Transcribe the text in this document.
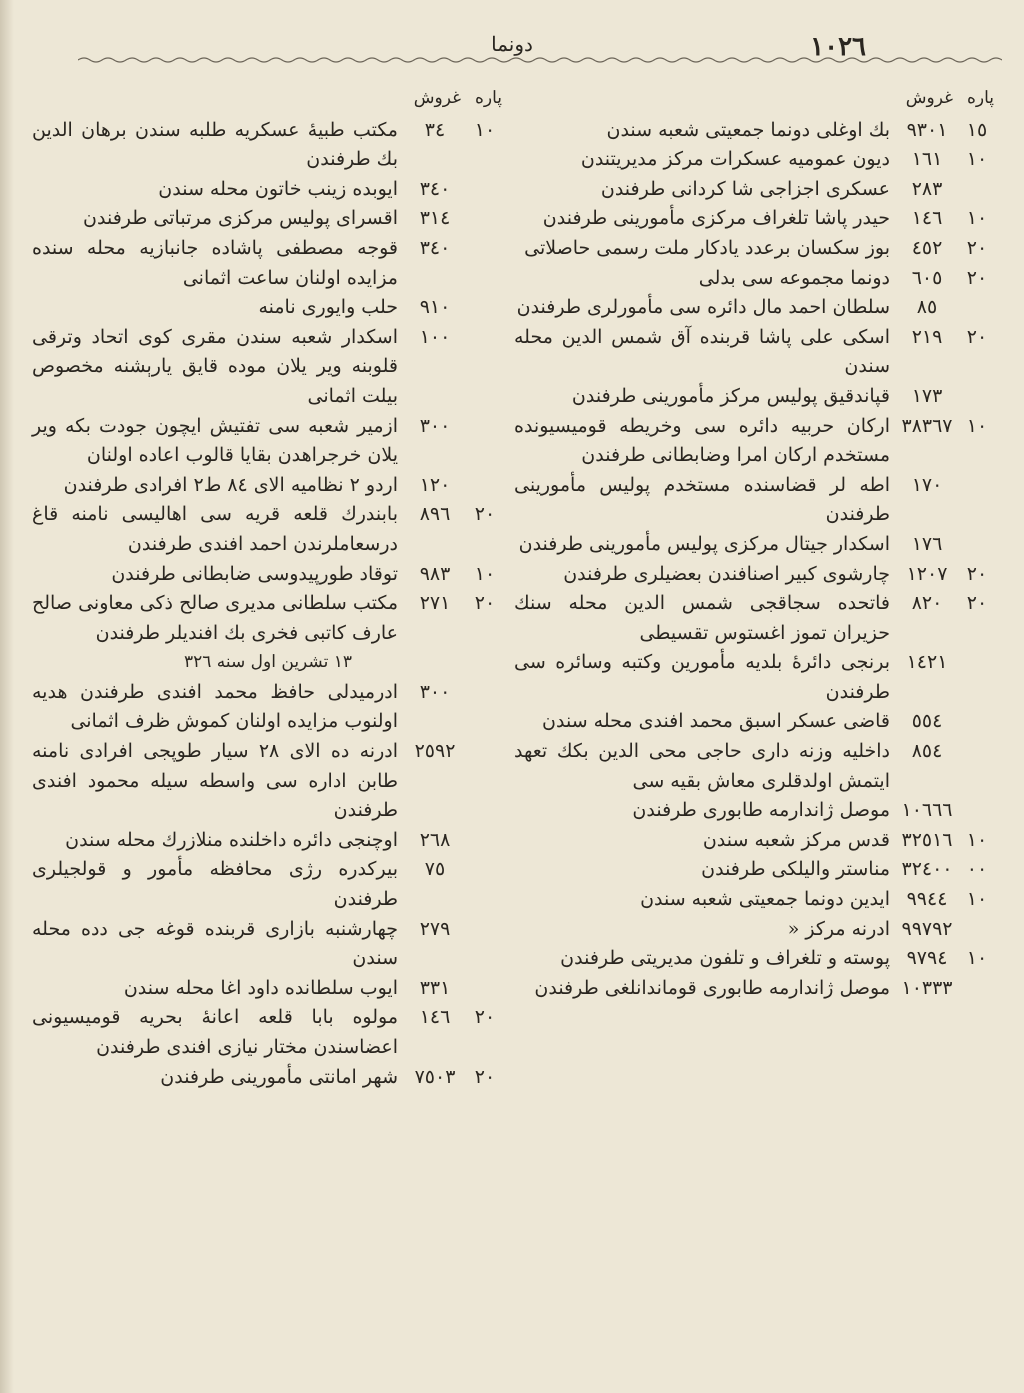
١٠٢٦
دونما
پاره
غروش
١٥
٩٣٠١
بك اوغلى دونما جمعيتى شعبه سندن
١٠
١٦١
ديون عموميه عسكرات مركز مديريتندن
٢٨٣
عسكرى اجزاجى شا كردانى طرفندن
١٠
١٤٦
حيدر پاشا تلغراف مركزى مأمورينى طرفندن
٢٠
٤٥٢
بوز سكسان برعدد يادكار ملت رسمى حاصلاتى
٢٠
٦٠٥
دونما مجموعه سى بدلى
٨٥
سلطان احمد مال دائره سى مأمورلرى طرفندن
٢٠
٢١٩
اسكى على پاشا قربنده آق شمس الدين محله سندن
١٧٣
قپاندقيق پوليس مركز مأمورينى طرفندن
١٠
٣٨٣٦٧
اركان حربيه دائره سى وخريطه قوميسيونده مستخدم اركان امرا وضابطانى طرفندن
١٧٠
اطه لر قضاسنده مستخدم پوليس مأمورينى طرفندن
١٧٦
اسكدار جيتال مركزى پوليس مأمورينى طرفندن
٢٠
١٢٠٧
چارشوى كبير اصنافندن بعضيلرى طرفندن
٢٠
٨٢٠
فاتحده سجاقجى شمس الدين محله سنك حزيران تموز اغستوس تقسيطى
١٤٢١
برنجى دائرهٔ بلديه مأمورين وكتبه وسائره سى طرفندن
٥٥٤
قاضى عسكر اسبق محمد افندى محله سندن
٨٥٤
داخليه وزنه دارى حاجى محى الدين بكك تعهد ايتمش اولدقلرى معاش بقيه سى
١٠٦٦٦
موصل ژاندارمه طابورى طرفندن
١٠
٣٢٥١٦
قدس مركز شعبه سندن
٠٠
٣٢٤٠٠
مناستر واليلكى طرفندن
١٠
٩٩٤٤
ايدين دونما جمعيتى شعبه سندن
٩٩٧٩٢
ادرنه مركز «
١٠
٩٧٩٤
پوسته و تلغراف و تلفون مديريتى طرفندن
١٠٣٣٣
موصل ژاندارمه طابورى قوماندانلغى طرفندن
پاره
غروش
١٠
٣٤
مكتب طبيهٔ عسكريه طلبه سندن برهان الدين بك طرفندن
٣٤٠
ايوبده زينب خاتون محله سندن
٣١٤
اقسراى پوليس مركزى مرتباتى طرفندن
٣٤٠
قوجه مصطفى پاشاده جانبازيه محله سنده مزايده اولنان ساعت اثمانى
٩١٠
حلب وايورى نامنه
١٠٠
اسكدار شعبه سندن مقرى كوى اتحاد وترقى قلوبنه وير يلان موده قايق يارېشنه مخصوص بيلت اثمانى
٣٠٠
ازمير شعبه سى تفتيش ايچون جودت بكه وير يلان خرجراهدن بقايا قالوب اعاده اولنان
١٢٠
اردو ٢ نظاميه الاى ٨٤ ط٢ افرادى طرفندن
٢٠
٨٩٦
بابندرك قلعه قريه سى اهاليسى نامنه قاغ درسعاملرندن احمد افندى طرفندن
١٠
٩٨٣
توقاد طورپيدوسى ضابطانى طرفندن
٢٠
٢٧١
مكتب سلطانى مديرى صالح ذكى معاونى صالح عارف كاتبى فخرى بك افنديلر طرفندن
١٣ تشرين اول سنه ٣٢٦
٣٠٠
ادرميدلى حافظ محمد افندى طرفندن هديه اولنوب مزايده اولنان كموش ظرف اثمانى
٢٥٩٢
ادرنه ده الاى ٢٨ سيار طوپجى افرادى نامنه طابن اداره سى واسطه سيله محمود افندى طرفندن
٢٦٨
اوچنجى دائره داخلنده منلازرك محله سندن
٧٥
بيركدره رژى محافظه مأمور و قولجيلرى طرفندن
٢٧٩
چهارشنبه بازارى قربنده قوغه جى دده محله سندن
٣٣١
ايوب سلطانده داود اغا محله سندن
٢٠
١٤٦
مولوه بابا قلعه اعانهٔ بحريه قوميسيونى اعضاسندن مختار نيازى افندى طرفندن
٢٠
٧٥٠٣
شهر امانتى مأمورينى طرفندن
